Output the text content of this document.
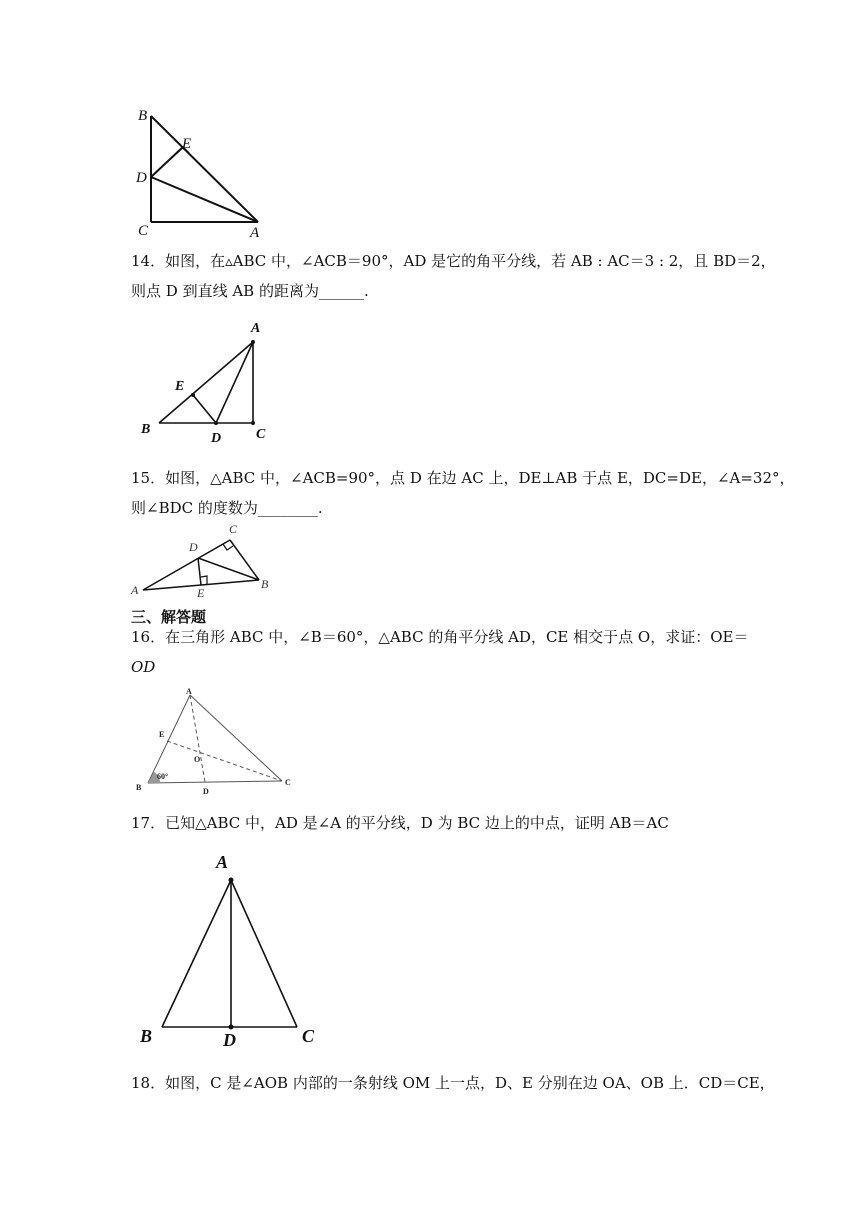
B
E
D
C	A
14．如图，在▵ABC 中，∠ACB＝90°，AD 是它的角平分线，若 AB : AC＝3 : 2，且 BD＝2，
则点 D 到直线 AB 的距离为______.
A
E
B
D C
15．如图，△ABC 中，∠ACB=90°，点 D 在边 AC 上，DE⊥AB 于点 E，DC=DE，∠A=32°，
则∠BDC 的度数为________.
C
D
A	E
B
三、解答题
16．在三角形 ABC 中，∠B＝60°，△ABC 的角平分线 AD，CE 相交于点 O，求证：OE＝
OD
A
E
O
B
60°
D
C
17．已知△ABC 中，AD 是∠A 的平分线，D 为 BC 边上的中点，证明 AB＝AC
A
B	D	C
18．如图，C 是∠AOB 内部的一条射线 OM 上一点，D、E 分别在边 OA、OB 上．CD＝CE，
